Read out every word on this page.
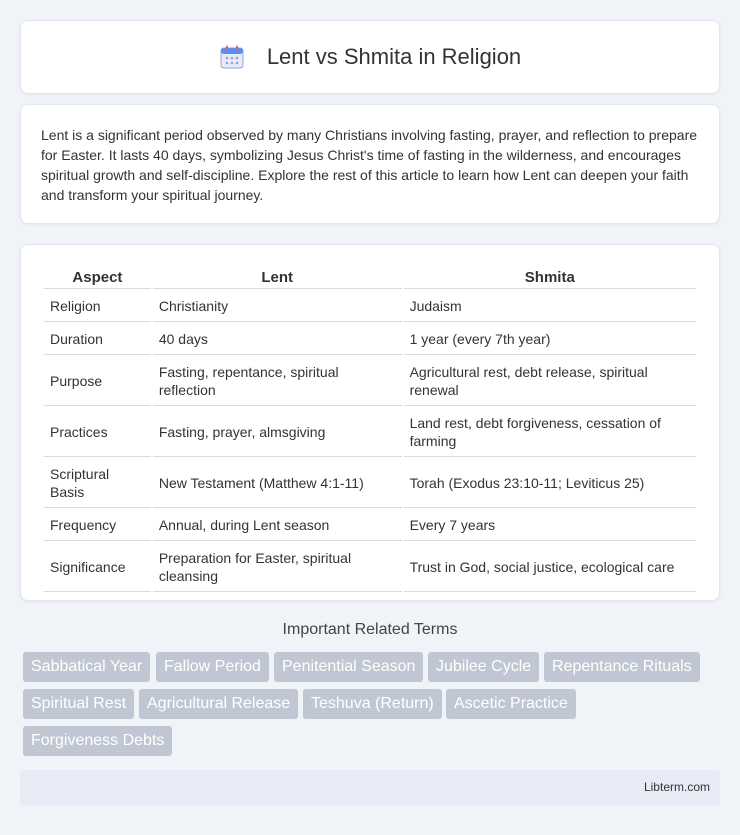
Lent vs Shmita in Religion

Lent is a significant period observed by many Christians involving fasting, prayer, and reflection to prepare for Easter. It lasts 40 days, symbolizing Jesus Christ's time of fasting in the wilderness, and encourages spiritual growth and self-discipline. Explore the rest of this article to learn how Lent can deepen your faith and transform your spiritual journey.

Aspect	Lent	Shmita
Religion	Christianity	Judaism
Duration	40 days	1 year (every 7th year)
Purpose	Fasting, repentance, spiritual reflection	Agricultural rest, debt release, spiritual renewal
Practices	Fasting, prayer, almsgiving	Land rest, debt forgiveness, cessation of farming
Scriptural Basis	New Testament (Matthew 4:1-11)	Torah (Exodus 23:10-11; Leviticus 25)
Frequency	Annual, during Lent season	Every 7 years
Significance	Preparation for Easter, spiritual cleansing	Trust in God, social justice, ecological care
Important Related Terms
Sabbatical Year	Fallow Period	Penitential Season	Jubilee Cycle	Repentance Rituals
Spiritual Rest	Agricultural Release	Teshuva (Return)	Ascetic Practice
Forgiveness Debts
Libterm.com
